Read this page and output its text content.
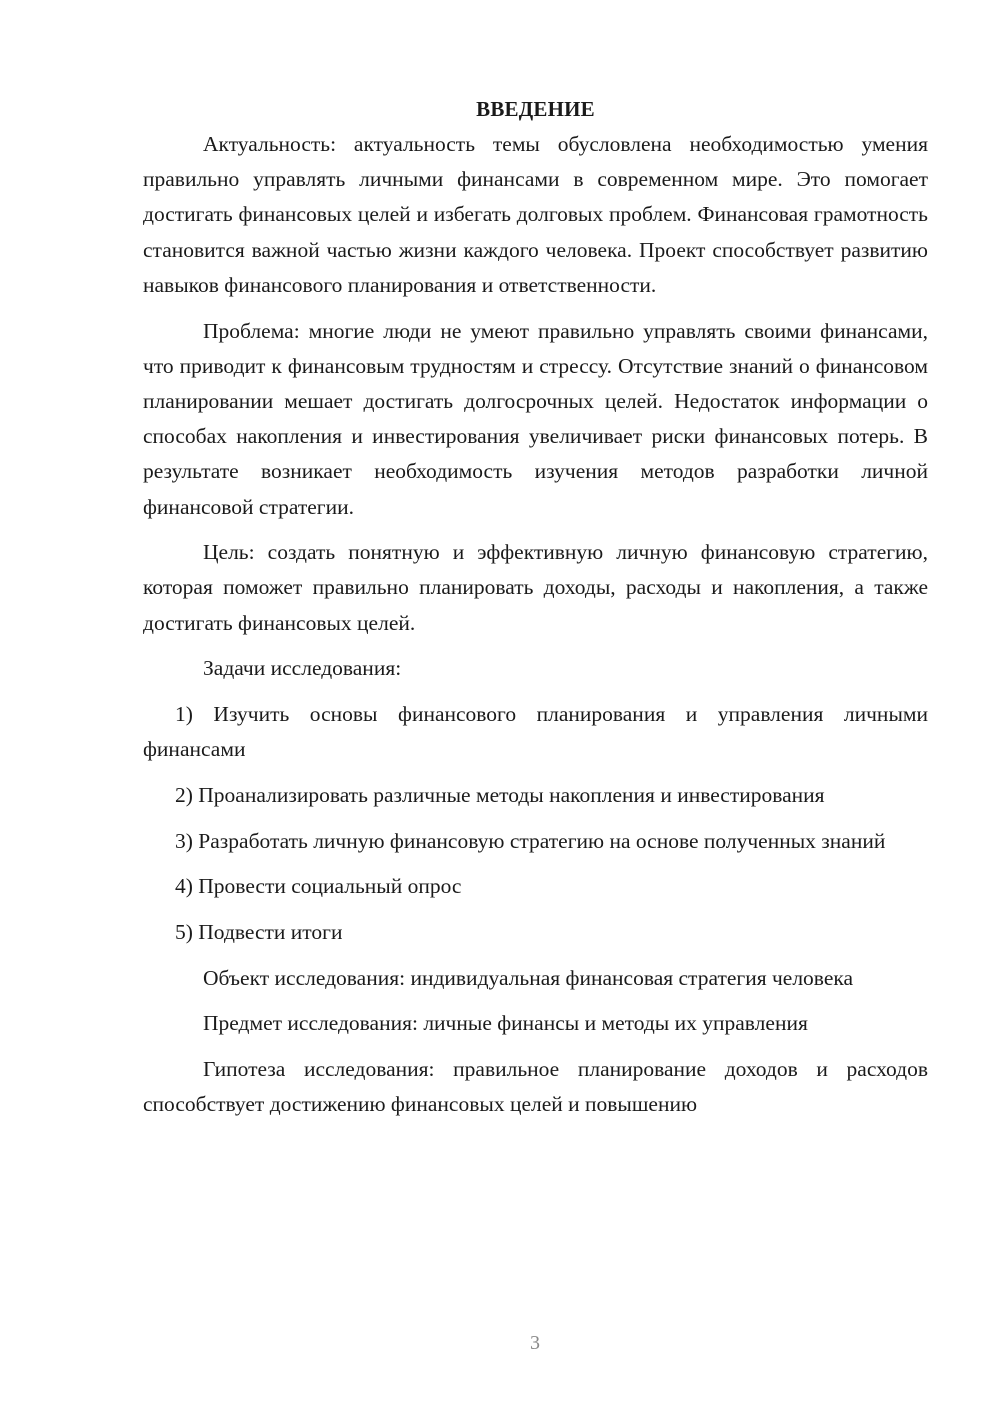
ВВЕДЕНИЕ

Актуальность: актуальность темы обусловлена необходимостью умения правильно управлять личными финансами в современном мире. Это помогает достигать финансовых целей и избегать долговых проблем. Финансовая грамотность становится важной частью жизни каждого человека. Проект способствует развитию навыков финансового планирования и ответственности.

Проблема: многие люди не умеют правильно управлять своими финансами, что приводит к финансовым трудностям и стрессу. Отсутствие знаний о финансовом планировании мешает достигать долгосрочных целей. Недостаток информации о способах накопления и инвестирования увеличивает риски финансовых потерь. В результате возникает необходимость изучения методов разработки личной финансовой стратегии.

Цель: создать понятную и эффективную личную финансовую стратегию, которая поможет правильно планировать доходы, расходы и накопления, а также достигать финансовых целей.

Задачи исследования:

1) Изучить основы финансового планирования и управления личными финансами

2) Проанализировать различные методы накопления и инвестирования

3) Разработать личную финансовую стратегию на основе полученных знаний

4) Провести социальный опрос

5) Подвести итоги

Объект исследования: индивидуальная финансовая стратегия человека

Предмет исследования: личные финансы и методы их управления

Гипотеза исследования: правильное планирование доходов и расходов способствует достижению финансовых целей и повышению

3
